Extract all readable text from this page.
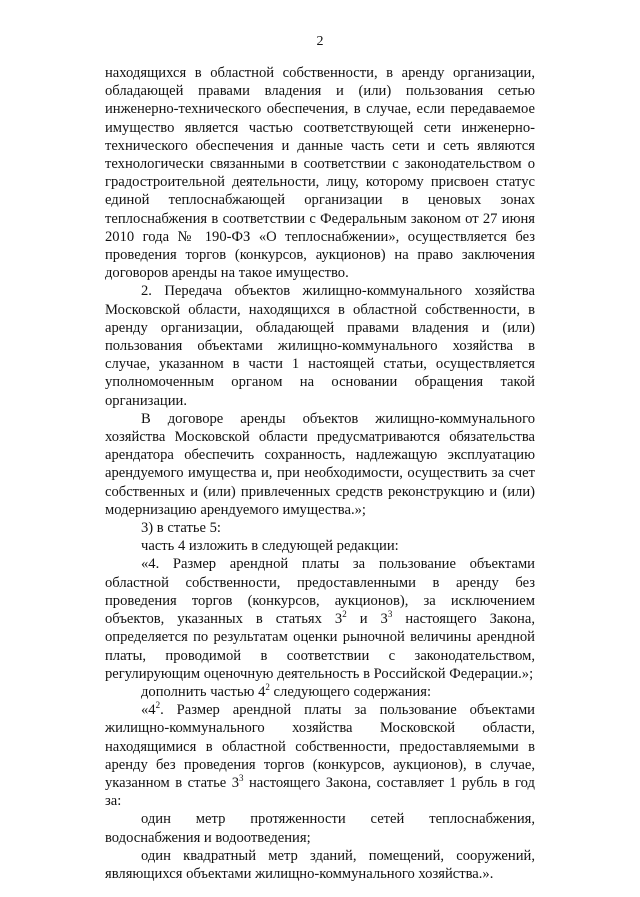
2

находящихся в областной собственности, в аренду организации, обладающей правами владения и (или) пользования сетью инженерно-технического обеспечения, в случае, если передаваемое имущество является частью соответствующей сети инженерно-технического обеспечения и данные часть сети и сеть являются технологически связанными в соответствии с законодательством о градостроительной деятельности, лицу, которому присвоен статус единой теплоснабжающей организации в ценовых зонах теплоснабжения в соответствии с Федеральным законом от 27 июня 2010 года № 190-ФЗ «О теплоснабжении», осуществляется без проведения торгов (конкурсов, аукционов) на право заключения договоров аренды на такое имущество.

2. Передача объектов жилищно-коммунального хозяйства Московской области, находящихся в областной собственности, в аренду организации, обладающей правами владения и (или) пользования объектами жилищно-коммунального хозяйства в случае, указанном в части 1 настоящей статьи, осуществляется уполномоченным органом на основании обращения такой организации.

В договоре аренды объектов жилищно-коммунального хозяйства Московской области предусматриваются обязательства арендатора обеспечить сохранность, надлежащую эксплуатацию арендуемого имущества и, при необходимости, осуществить за счет собственных и (или) привлеченных средств реконструкцию и (или) модернизацию арендуемого имущества.»;

3) в статье 5:

часть 4 изложить в следующей редакции:

«4. Размер арендной платы за пользование объектами областной собственности, предоставленными в аренду без проведения торгов (конкурсов, аукционов), за исключением объектов, указанных в статьях $3^2$ и $3^3$ настоящего Закона, определяется по результатам оценки рыночной величины арендной платы, проводимой в соответствии с законодательством, регулирующим оценочную деятельность в Российской Федерации.»;

дополнить частью $4^2$ следующего содержания:

«$4^2$. Размер арендной платы за пользование объектами жилищно-коммунального хозяйства Московской области, находящимися в областной собственности, предоставляемыми в аренду без проведения торгов (конкурсов, аукционов), в случае, указанном в статье $3^3$ настоящего Закона, составляет 1 рубль в год за:

один метр протяженности сетей теплоснабжения, водоснабжения и водоотведения;

один квадратный метр зданий, помещений, сооружений, являющихся объектами жилищно-коммунального хозяйства.».
